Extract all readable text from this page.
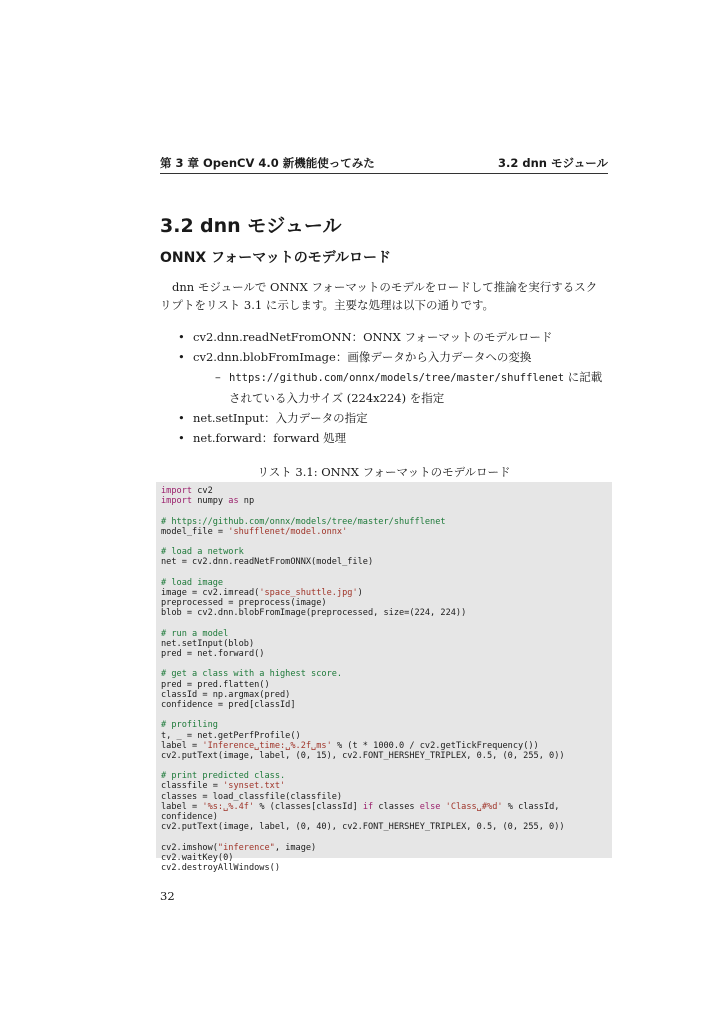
第 3 章 OpenCV 4.0 新機能使ってみた	3.2 dnn モジュール
3.2 dnn モジュール
ONNX フォーマットのモデルロード

dnn モジュールで ONNX フォーマットのモデルをロードして推論を実行するスクリプトをリスト 3.1 に示します。主要な処理は以下の通りです。

• cv2.dnn.readNetFromONN：ONNX フォーマットのモデルロード
• cv2.dnn.blobFromImage：画像データから入力データへの変換
– https://github.com/onnx/models/tree/master/shufflenet に記載されている入力サイズ (224x224) を指定
• net.setInput：入力データの指定
• net.forward：forward 処理
リスト 3.1: ONNX フォーマットのモデルロード
import cv2
import numpy as np

# https://github.com/onnx/models/tree/master/shufflenet
model_file = 'shufflenet/model.onnx'

# load a network
net = cv2.dnn.readNetFromONNX(model_file)

# load image
image = cv2.imread('space_shuttle.jpg')
preprocessed = preprocess(image)
blob = cv2.dnn.blobFromImage(preprocessed, size=(224, 224))

# run a model
net.setInput(blob)
pred = net.forward()

# get a class with a highest score.
pred = pred.flatten()
classId = np.argmax(pred)
confidence = pred[classId]

# profiling
t, _ = net.getPerfProfile()
label = 'Inference␣time:␣%.2f␣ms' % (t * 1000.0 / cv2.getTickFrequency())
cv2.putText(image, label, (0, 15), cv2.FONT_HERSHEY_TRIPLEX, 0.5, (0, 255, 0))

# print predicted class.
classfile = 'synset.txt'
classes = load_classfile(classfile)
label = '%s:␣%.4f' % (classes[classId] if classes else 'Class␣#%d' % classId,
confidence)
cv2.putText(image, label, (0, 40), cv2.FONT_HERSHEY_TRIPLEX, 0.5, (0, 255, 0))

cv2.imshow("inference", image)
cv2.waitKey(0)
cv2.destroyAllWindows()
32
